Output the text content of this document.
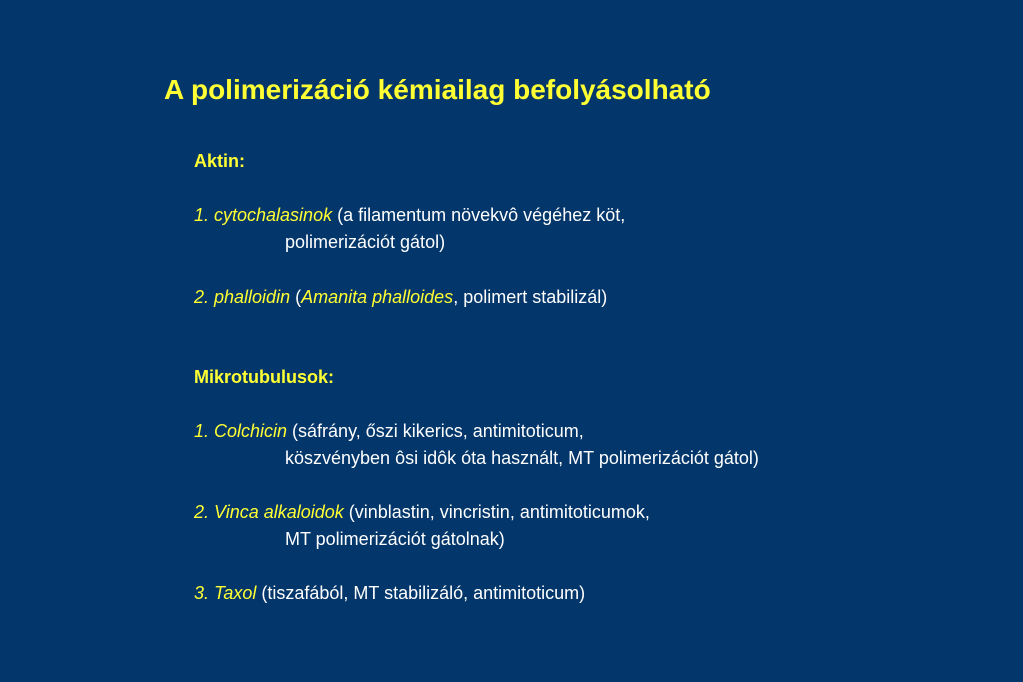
A polimerizáció kémiailag befolyásolható
Aktin:
1. cytochalasinok (a filamentum növekvô végéhez köt,
polimerizációt gátol)
2. phalloidin (Amanita phalloides, polimert stabilizál)
Mikrotubulusok:
1. Colchicin (sáfrány, őszi kikerics, antimitoticum,
köszvényben ôsi idôk óta használt, MT polimerizációt gátol)
2. Vinca alkaloidok (vinblastin, vincristin, antimitoticumok,
MT polimerizációt gátolnak)
3. Taxol (tiszafából, MT stabilizáló, antimitoticum)
